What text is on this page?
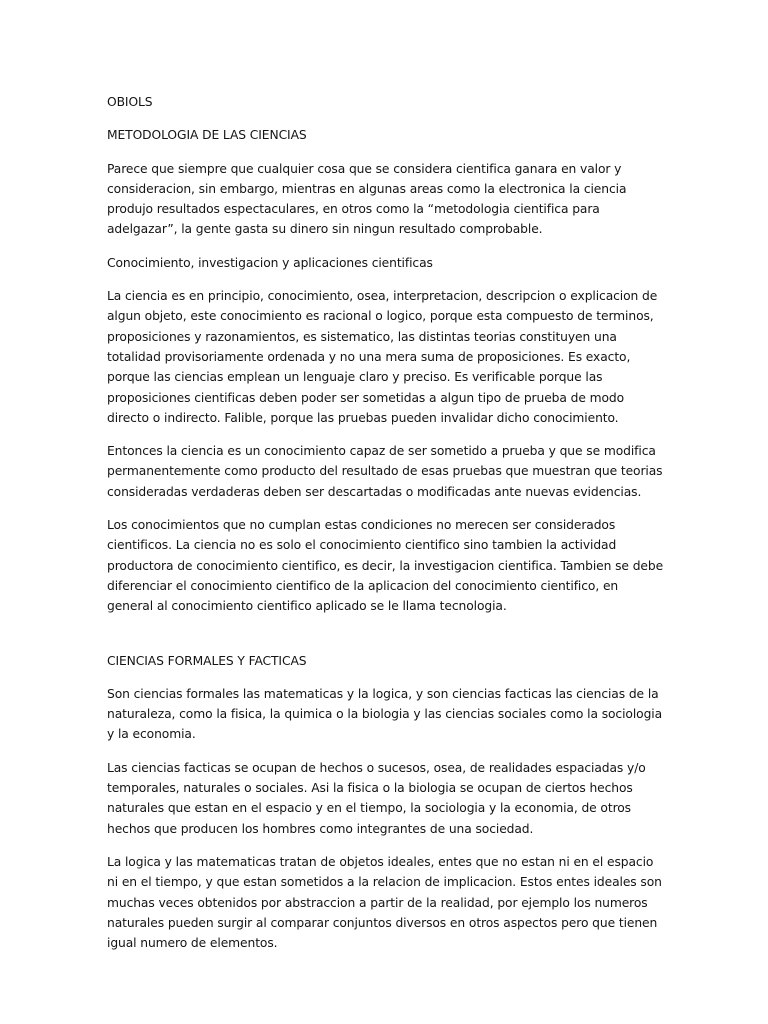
OBIOLS

METODOLOGIA DE LAS CIENCIAS

Parece que siempre que cualquier cosa que se considera cientifica ganara en valor y consideracion, sin embargo, mientras en algunas areas como la electronica la ciencia produjo resultados espectaculares, en otros como la “metodologia cientifica para adelgazar”, la gente gasta su dinero sin ningun resultado comprobable.

Conocimiento, investigacion y aplicaciones cientificas

La ciencia es en principio, conocimiento, osea, interpretacion, descripcion o explicacion de algun objeto, este conocimiento es racional o logico, porque esta compuesto de terminos, proposiciones y razonamientos, es sistematico, las distintas teorias constituyen una totalidad provisoriamente ordenada y no una mera suma de proposiciones. Es exacto, porque las ciencias emplean un lenguaje claro y preciso. Es verificable porque las proposiciones cientificas deben poder ser sometidas a algun tipo de prueba de modo directo o indirecto. Falible, porque las pruebas pueden invalidar dicho conocimiento.

Entonces la ciencia es un conocimiento capaz de ser sometido a prueba y que se modifica permanentemente como producto del resultado de esas pruebas que muestran que teorias consideradas verdaderas deben ser descartadas o modificadas ante nuevas evidencias.

Los conocimientos que no cumplan estas condiciones no merecen ser considerados cientificos. La ciencia no es solo el conocimiento cientifico sino tambien la actividad productora de conocimiento cientifico, es decir, la investigacion cientifica. Tambien se debe diferenciar el conocimiento cientifico de la aplicacion del conocimiento cientifico, en general al conocimiento cientifico aplicado se le llama tecnologia.

CIENCIAS FORMALES Y FACTICAS

Son ciencias formales las matematicas y la logica, y son ciencias facticas las ciencias de la naturaleza, como la fisica, la quimica o la biologia y las ciencias sociales como la sociologia y la economia.

Las ciencias facticas se ocupan de hechos o sucesos, osea, de realidades espaciadas y/o temporales, naturales o sociales. Asi la fisica o la biologia se ocupan de ciertos hechos naturales que estan en el espacio y en el tiempo, la sociologia y la economia, de otros hechos que producen los hombres como integrantes de una sociedad.

La logica y las matematicas tratan de objetos ideales, entes que no estan ni en el espacio ni en el tiempo, y que estan sometidos a la relacion de implicacion. Estos entes ideales son muchas veces obtenidos por abstraccion a partir de la realidad, por ejemplo los numeros naturales pueden surgir al comparar conjuntos diversos en otros aspectos pero que tienen igual numero de elementos.
